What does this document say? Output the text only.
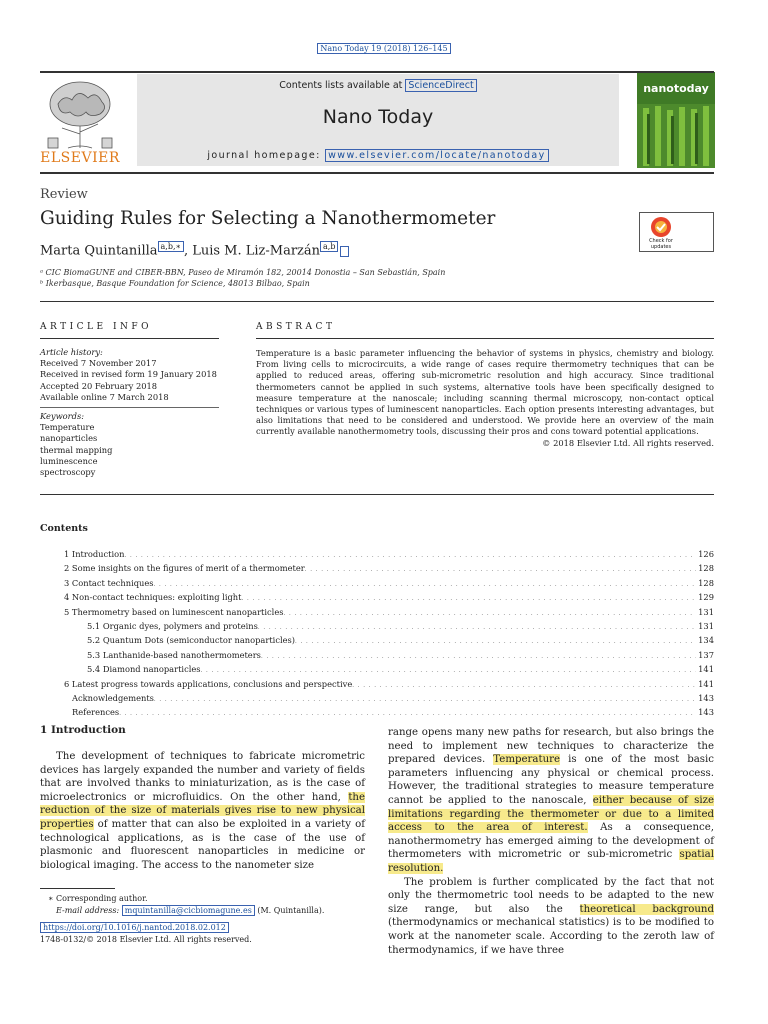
Nano Today 19 (2018) 126–145
ELSEVIER
Contents lists available at ScienceDirect
Nano Today
journal homepage: www.elsevier.com/locate/nanotoday
nanotoday
Review
Guiding Rules for Selecting a Nanothermometer
Check for updates
Marta Quintanilla $^{a,b,∗}$ , Luis M. Liz-Marzán $^{a,b}$
ᵃ CIC BiomaGUNE and CIBER-BBN, Paseo de Miramón 182, 20014 Donostia – San Sebastián, Spain
ᵇ Ikerbasque, Basque Foundation for Science, 48013 Bilbao, Spain
ARTICLE INFO	ABSTRACT
Article history:
Received 7 November 2017
Received in revised form 19 January 2018
Accepted 20 February 2018
Available online 7 March 2018
Keywords:
Temperature
nanoparticles
thermal mapping
luminescence
spectroscopy
Temperature is a basic parameter influencing the behavior of systems in physics, chemistry and biology. From living cells to microcircuits, a wide range of cases require thermometry techniques that can be applied to reduced areas, offering sub-micrometric resolution and high accuracy. Since traditional thermometers cannot be applied in such systems, alternative tools have been specifically designed to measure temperature at the nanoscale; including scanning thermal microscopy, non-contact optical techniques or various types of luminescent nanoparticles. Each option presents interesting advantages, but also limitations that need to be considered and understood. We provide here an overview of the main currently available nanothermometry tools, discussing their pros and cons toward potential applications.
© 2018 Elsevier Ltd. All rights reserved.
Contents
1 Introduction . . .	126
2 Some insights on the figures of merit of a thermometer . . .	128
3 Contact techniques . . .	128
4 Non-contact techniques: exploiting light . . .	129
5 Thermometry based on luminescent nanoparticles . . .	131
5.1 Organic dyes, polymers and proteins . . .	131
5.2 Quantum Dots (semiconductor nanoparticles) . . .	134
5.3 Lanthanide-based nanothermometers . . .	137
5.4 Diamond nanoparticles . . .	141
6 Latest progress towards applications, conclusions and perspective . . .	141
Acknowledgements . . .	143
References . . .	143
1 Introduction

The development of techniques to fabricate micrometric devices has largely expanded the number and variety of fields that are involved thanks to miniaturization, as is the case of microelectronics or microfluidics. On the other hand, the reduction of the size of materials gives rise to new physical properties of matter that can also be exploited in a variety of technological applications, as is the case of the use of plasmonic and fluorescent nanoparticles in medicine or biological imaging. The access to the nanometer size

range opens many new paths for research, but also brings the need to implement new techniques to characterize the prepared devices. Temperature is one of the most basic parameters influencing any physical or chemical process. However, the traditional strategies to measure temperature cannot be applied to the nanoscale, either because of size limitations regarding the thermometer or due to a limited access to the area of interest. As a consequence, nanothermometry has emerged aiming to the development of thermometers with micrometric or sub-micrometric spatial resolution.

The problem is further complicated by the fact that not only the thermometric tool needs to be adapted to the new size range, but also the theoretical background (thermodynamics or mechanical statistics) is to be modified to work at the nanometer scale. According to the zeroth law of thermodynamics, if we have three

∗ Corresponding author.
E-mail address: mquintanilla@cicbiomagune.es (M. Quintanilla).
https://doi.org/10.1016/j.nantod.2018.02.012
1748-0132/© 2018 Elsevier Ltd. All rights reserved.
